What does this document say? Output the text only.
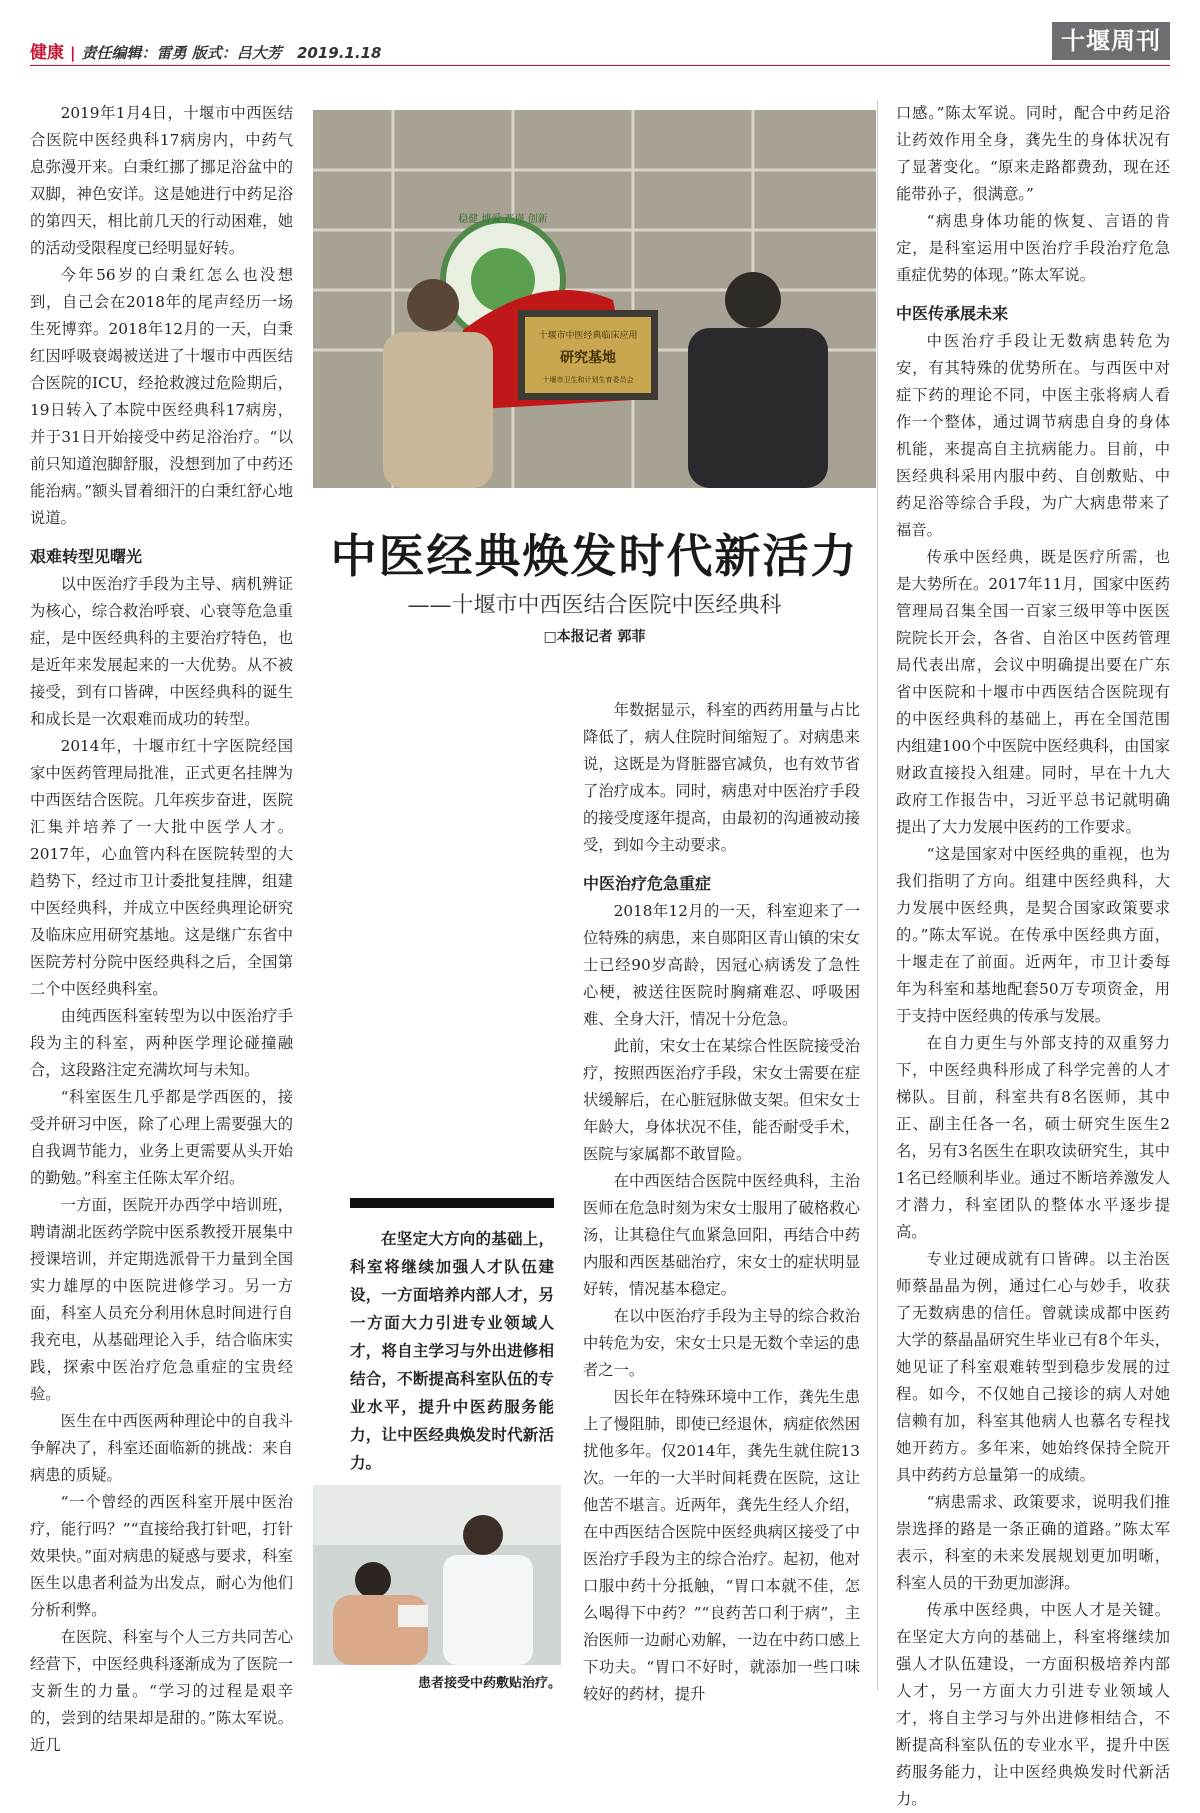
健康 | 责任编辑：雷勇 版式：吕大芳 2019.1.18	十堰周刊

2019年1月4日，十堰市中西医结合医院中医经典科17病房内，中药气息弥漫开来。白秉红挪了挪足浴盆中的双脚，神色安详。这是她进行中药足浴的第四天，相比前几天的行动困难，她的活动受限程度已经明显好转。

今年56岁的白秉红怎么也没想到，自己会在2018年的尾声经历一场生死博弈。2018年12月的一天，白秉红因呼吸衰竭被送进了十堰市中西医结合医院的ICU，经抢救渡过危险期后，19日转入了本院中医经典科17病房，并于31日开始接受中药足浴治疗。“以前只知道泡脚舒服，没想到加了中药还能治病。”额头冒着细汗的白秉红舒心地说道。

艰难转型见曙光

以中医治疗手段为主导、病机辨证为核心，综合救治呼衰、心衰等危急重症，是中医经典科的主要治疗特色，也是近年来发展起来的一大优势。从不被接受，到有口皆碑，中医经典科的诞生和成长是一次艰难而成功的转型。

2014年，十堰市红十字医院经国家中医药管理局批准，正式更名挂牌为中西医结合医院。几年疾步奋进，医院汇集并培养了一大批中医学人才。2017年，心血管内科在医院转型的大趋势下，经过市卫计委批复挂牌，组建中医经典科，并成立中医经典理论研究及临床应用研究基地。这是继广东省中医院芳村分院中医经典科之后，全国第二个中医经典科室。

由纯西医科室转型为以中医治疗手段为主的科室，两种医学理论碰撞融合，这段路注定充满坎坷与未知。

“科室医生几乎都是学西医的，接受并研习中医，除了心理上需要强大的自我调节能力，业务上更需要从头开始的勤勉。”科室主任陈太军介绍。

一方面，医院开办西学中培训班，聘请湖北医药学院中医系教授开展集中授课培训，并定期选派骨干力量到全国实力雄厚的中医院进修学习。另一方面，科室人员充分利用休息时间进行自我充电，从基础理论入手，结合临床实践，探索中医治疗危急重症的宝贵经验。

医生在中西医两种理论中的自我斗争解决了，科室还面临新的挑战：来自病患的质疑。

“一个曾经的西医科室开展中医治疗，能行吗？”“直接给我打针吧，打针效果快。”面对病患的疑惑与要求，科室医生以患者利益为出发点，耐心为他们分析利弊。

在医院、科室与个人三方共同苦心经营下，中医经典科逐渐成为了医院一支新生的力量。“学习的过程是艰辛的，尝到的结果却是甜的。”陈太军说。近几

稳健 博爱 严谨 创新
十堰市中医经典临床应用
研究基地
十堰市卫生和计划生育委员会
中医经典焕发时代新活力
——十堰市中西医结合医院中医经典科
□本报记者 郭菲

年数据显示，科室的西药用量与占比降低了，病人住院时间缩短了。对病患来说，这既是为肾脏器官减负，也有效节省了治疗成本。同时，病患对中医治疗手段的接受度逐年提高，由最初的沟通被动接受，到如今主动要求。

中医治疗危急重症

2018年12月的一天，科室迎来了一位特殊的病患，来自郧阳区青山镇的宋女士已经90岁高龄，因冠心病诱发了急性心梗，被送往医院时胸痛难忍、呼吸困难、全身大汗，情况十分危急。

此前，宋女士在某综合性医院接受治疗，按照西医治疗手段，宋女士需要在症状缓解后，在心脏冠脉做支架。但宋女士年龄大，身体状况不佳，能否耐受手术，医院与家属都不敢冒险。

在中西医结合医院中医经典科，主治医师在危急时刻为宋女士服用了破格救心汤，让其稳住气血紧急回阳，再结合中药内服和西医基础治疗，宋女士的症状明显好转，情况基本稳定。

在以中医治疗手段为主导的综合救治中转危为安，宋女士只是无数个幸运的患者之一。

因长年在特殊环境中工作，龚先生患上了慢阻肺，即使已经退休，病症依然困扰他多年。仅2014年，龚先生就住院13次。一年的一大半时间耗费在医院，这让他苦不堪言。近两年，龚先生经人介绍，在中西医结合医院中医经典病区接受了中医治疗手段为主的综合治疗。起初，他对口服中药十分抵触，“胃口本就不佳，怎么喝得下中药？”“良药苦口利于病”，主治医师一边耐心劝解，一边在中药口感上下功夫。“胃口不好时，就添加一些口味较好的药材，提升

在坚定大方向的基础上，科室将继续加强人才队伍建设，一方面培养内部人才，另一方面大力引进专业领域人才，将自主学习与外出进修相结合，不断提高科室队伍的专业水平，提升中医药服务能力，让中医经典焕发时代新活力。
患者接受中药敷贴治疗。

口感。”陈太军说。同时，配合中药足浴让药效作用全身，龚先生的身体状况有了显著变化。“原来走路都费劲，现在还能带孙子，很满意。”

“病患身体功能的恢复、言语的肯定，是科室运用中医治疗手段治疗危急重症优势的体现。”陈太军说。

中医传承展未来

中医治疗手段让无数病患转危为安，有其特殊的优势所在。与西医中对症下药的理论不同，中医主张将病人看作一个整体，通过调节病患自身的身体机能，来提高自主抗病能力。目前，中医经典科采用内服中药、自创敷贴、中药足浴等综合手段，为广大病患带来了福音。

传承中医经典，既是医疗所需，也是大势所在。2017年11月，国家中医药管理局召集全国一百家三级甲等中医医院院长开会，各省、自治区中医药管理局代表出席，会议中明确提出要在广东省中医院和十堰市中西医结合医院现有的中医经典科的基础上，再在全国范围内组建100个中医院中医经典科，由国家财政直接投入组建。同时，早在十九大政府工作报告中，习近平总书记就明确提出了大力发展中医药的工作要求。

“这是国家对中医经典的重视，也为我们指明了方向。组建中医经典科，大力发展中医经典，是契合国家政策要求的。”陈太军说。在传承中医经典方面，十堰走在了前面。近两年，市卫计委每年为科室和基地配套50万专项资金，用于支持中医经典的传承与发展。

在自力更生与外部支持的双重努力下，中医经典科形成了科学完善的人才梯队。目前，科室共有8名医师，其中正、副主任各一名，硕士研究生医生2名，另有3名医生在职攻读研究生，其中1名已经顺利毕业。通过不断培养激发人才潜力，科室团队的整体水平逐步提高。

专业过硬成就有口皆碑。以主治医师蔡晶晶为例，通过仁心与妙手，收获了无数病患的信任。曾就读成都中医药大学的蔡晶晶研究生毕业已有8个年头，她见证了科室艰难转型到稳步发展的过程。如今，不仅她自己接诊的病人对她信赖有加，科室其他病人也慕名专程找她开药方。多年来，她始终保持全院开具中药药方总量第一的成绩。

“病患需求、政策要求，说明我们推崇选择的路是一条正确的道路。”陈太军表示，科室的未来发展规划更加明晰，科室人员的干劲更加澎湃。

传承中医经典，中医人才是关键。在坚定大方向的基础上，科室将继续加强人才队伍建设，一方面积极培养内部人才，另一方面大力引进专业领域人才，将自主学习与外出进修相结合，不断提高科室队伍的专业水平，提升中医药服务能力，让中医经典焕发时代新活力。
